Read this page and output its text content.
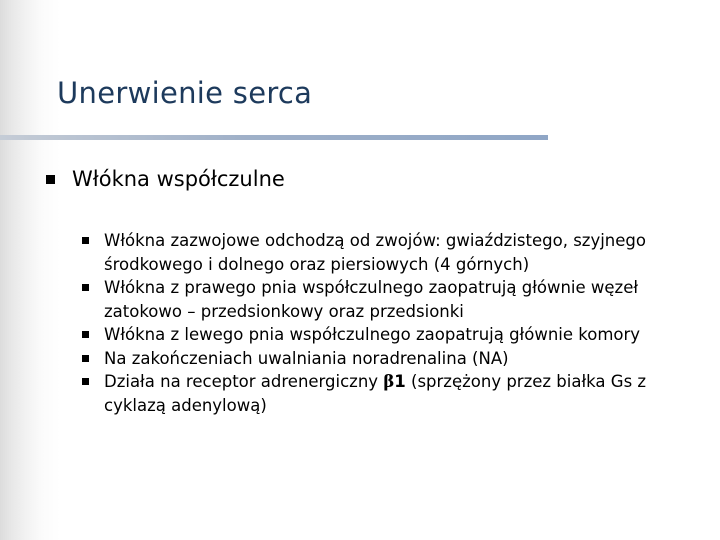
Unerwienie serca
Włókna współczulne
Włókna zazwojowe odchodzą od zwojów: gwiaździstego, szyjnego środkowego i dolnego oraz piersiowych (4 górnych)
Włókna z prawego pnia współczulnego zaopatrują głównie węzeł zatokowo – przedsionkowy oraz przedsionki
Włókna z lewego pnia współczulnego zaopatrują głównie komory
Na zakończeniach uwalniania noradrenalina (NA)
Działa na receptor adrenergiczny β1 (sprzężony przez białka Gs z cyklazą adenylową)
